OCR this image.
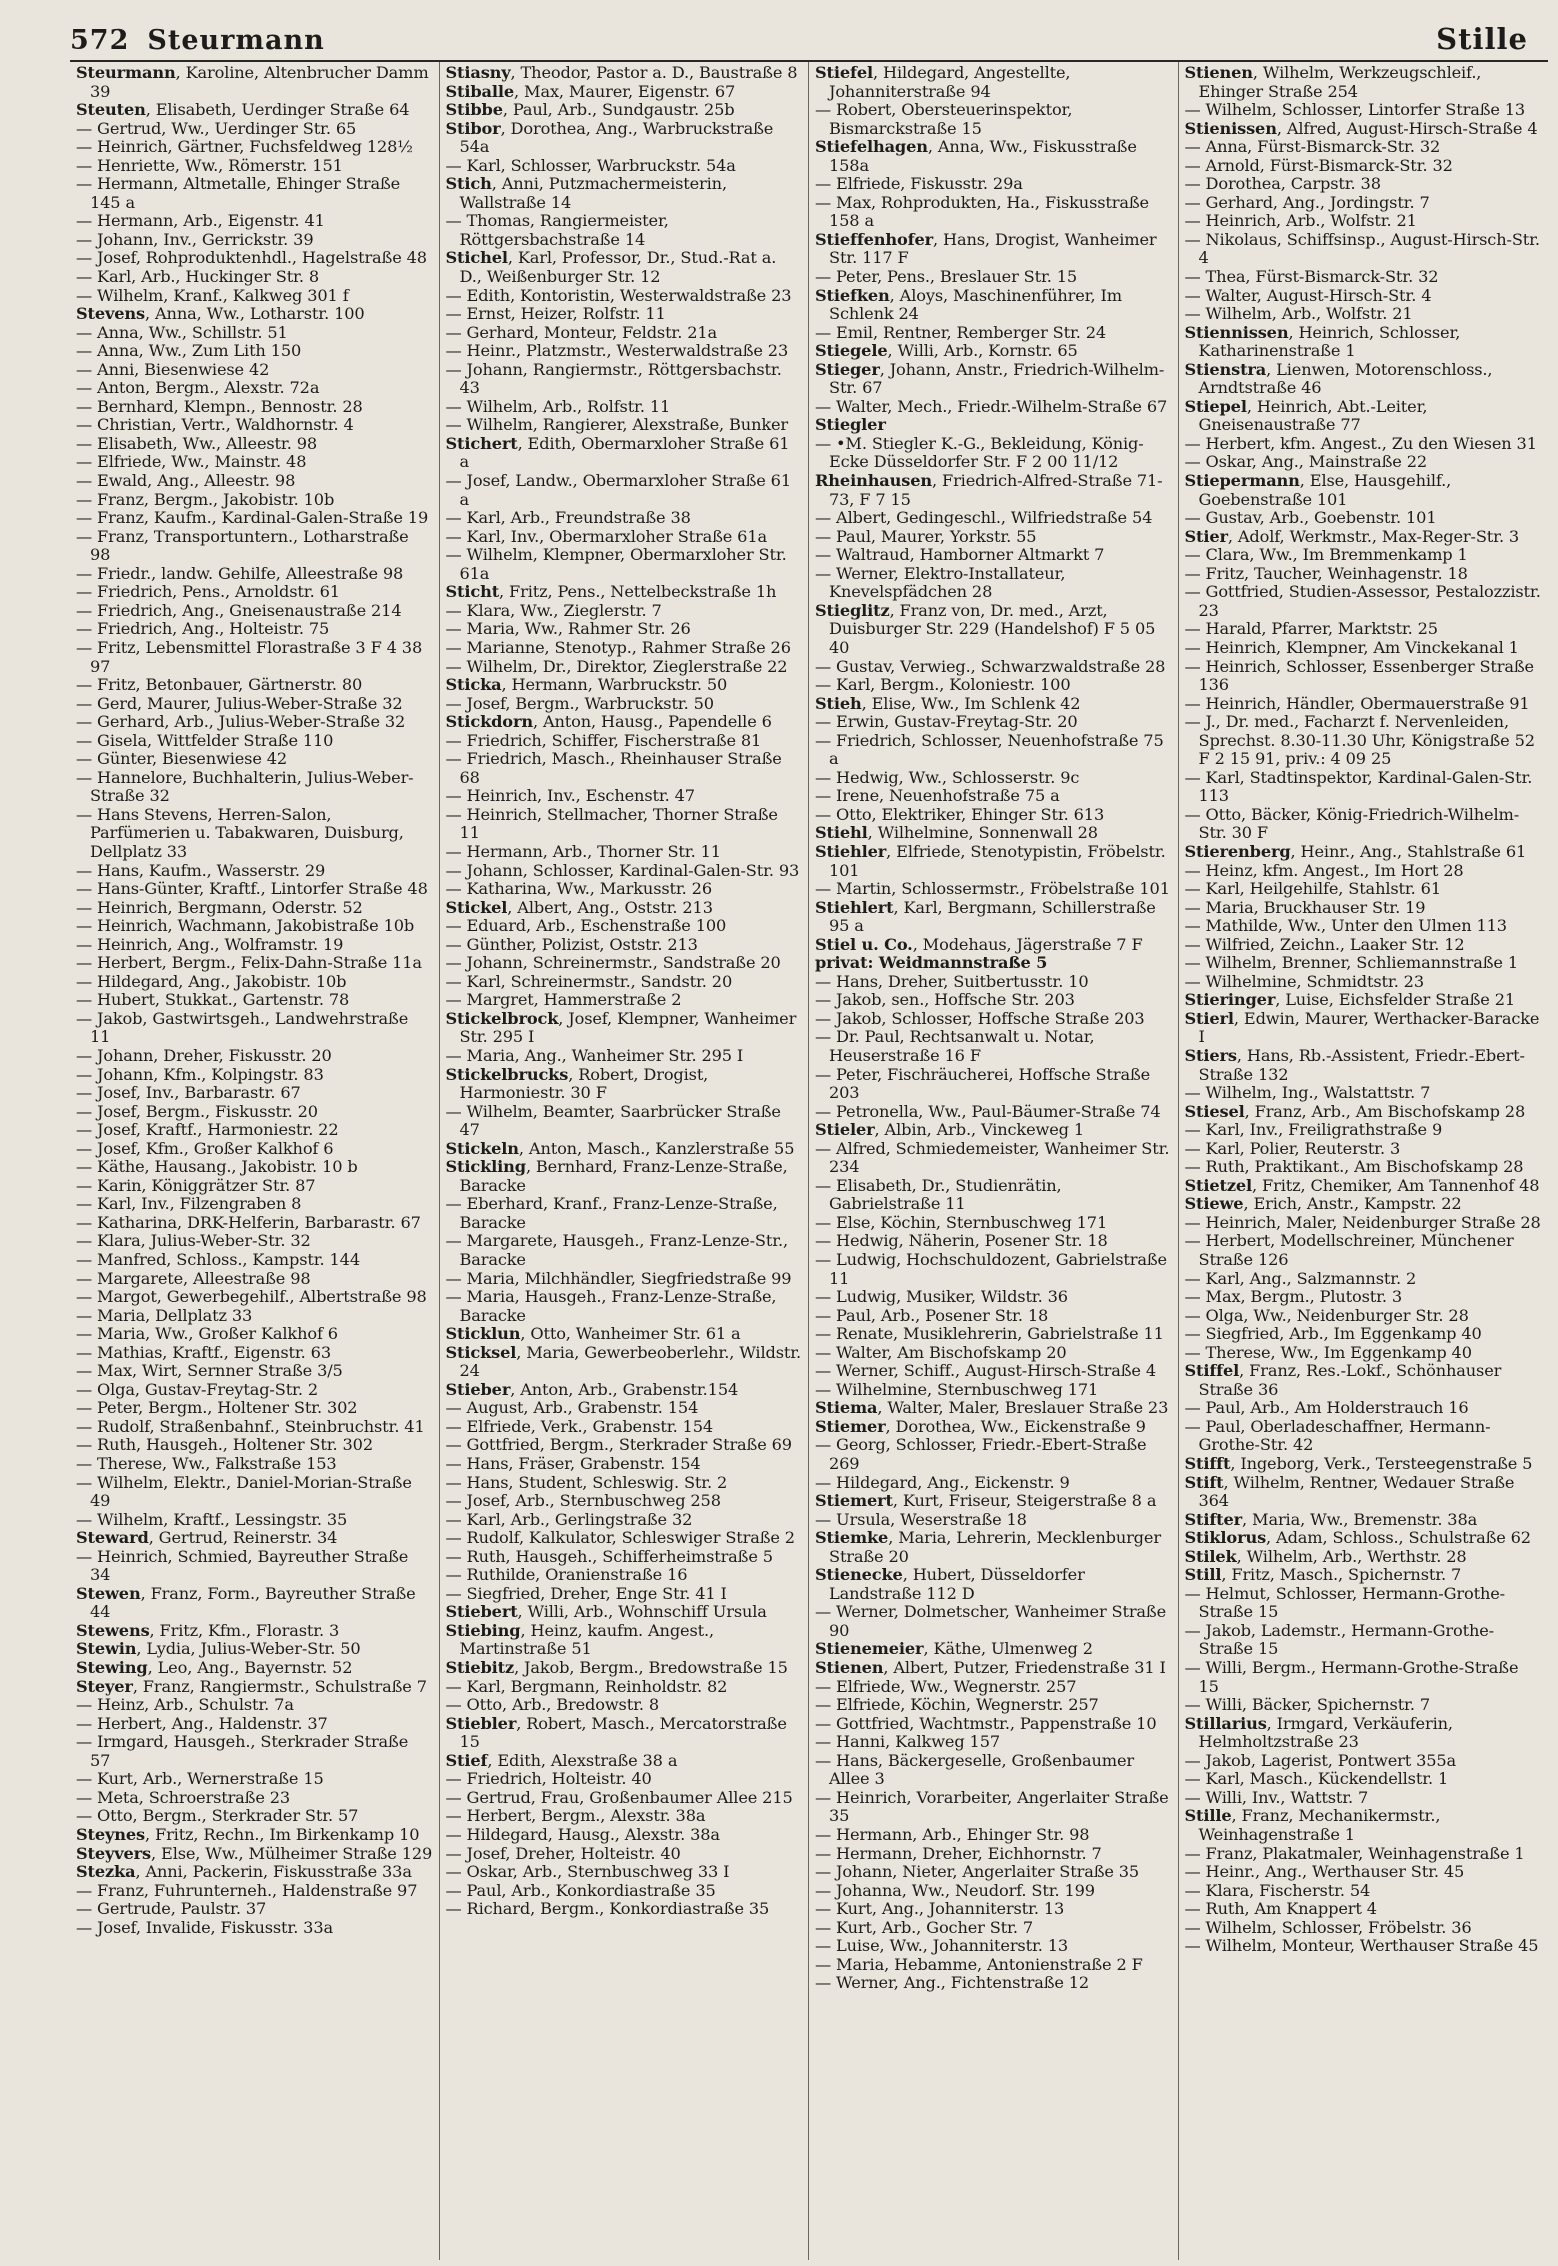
572 Steurmann	Stille

Steurmann, Karoline, Altenbrucher Damm 39

Steuten, Elisabeth, Uerdinger Straße 64

— Gertrud, Ww., Uerdinger Str. 65

— Heinrich, Gärtner, Fuchsfeldweg 128½

— Henriette, Ww., Römerstr. 151

— Hermann, Altmetalle, Ehinger Straße 145 a

— Hermann, Arb., Eigenstr. 41

— Johann, Inv., Gerrickstr. 39

— Josef, Rohproduktenhdl., Hagelstraße 48

— Karl, Arb., Huckinger Str. 8

— Wilhelm, Kranf., Kalkweg 301 f

Stevens, Anna, Ww., Lotharstr. 100

— Anna, Ww., Schillstr. 51

— Anna, Ww., Zum Lith 150

— Anni, Biesenwiese 42

— Anton, Bergm., Alexstr. 72a

— Bernhard, Klempn., Bennostr. 28

— Christian, Vertr., Waldhornstr. 4

— Elisabeth, Ww., Alleestr. 98

— Elfriede, Ww., Mainstr. 48

— Ewald, Ang., Alleestr. 98

— Franz, Bergm., Jakobistr. 10b

— Franz, Kaufm., Kardinal-Galen-Straße 19

— Franz, Transportuntern., Lotharstraße 98

— Friedr., landw. Gehilfe, Alleestraße 98

— Friedrich, Pens., Arnoldstr. 61

— Friedrich, Ang., Gneisenaustraße 214

— Friedrich, Ang., Holteistr. 75

— Fritz, Lebensmittel Florastraße 3 F 4 38 97

— Fritz, Betonbauer, Gärtnerstr. 80

— Gerd, Maurer, Julius-Weber-Straße 32

— Gerhard, Arb., Julius-Weber-Straße 32

— Gisela, Wittfelder Straße 110

— Günter, Biesenwiese 42

— Hannelore, Buchhalterin, Julius-Weber-Straße 32

— Hans Stevens, Herren-Salon, Parfümerien u. Tabakwaren, Duisburg, Dellplatz 33

— Hans, Kaufm., Wasserstr. 29

— Hans-Günter, Kraftf., Lintorfer Straße 48

— Heinrich, Bergmann, Oderstr. 52

— Heinrich, Wachmann, Jakobistraße 10b

— Heinrich, Ang., Wolframstr. 19

— Herbert, Bergm., Felix-Dahn-Straße 11a

— Hildegard, Ang., Jakobistr. 10b

— Hubert, Stukkat., Gartenstr. 78

— Jakob, Gastwirtsgeh., Landwehrstraße 11

— Johann, Dreher, Fiskusstr. 20

— Johann, Kfm., Kolpingstr. 83

— Josef, Inv., Barbarastr. 67

— Josef, Bergm., Fiskusstr. 20

— Josef, Kraftf., Harmoniestr. 22

— Josef, Kfm., Großer Kalkhof 6

— Käthe, Hausang., Jakobistr. 10 b

— Karin, Königgrätzer Str. 87

— Karl, Inv., Filzengraben 8

— Katharina, DRK-Helferin, Barbarastr. 67

— Klara, Julius-Weber-Str. 32

— Manfred, Schloss., Kampstr. 144

— Margarete, Alleestraße 98

— Margot, Gewerbegehilf., Albertstraße 98

— Maria, Dellplatz 33

— Maria, Ww., Großer Kalkhof 6

— Mathias, Kraftf., Eigenstr. 63

— Max, Wirt, Sernner Straße 3/5

— Olga, Gustav-Freytag-Str. 2

— Peter, Bergm., Holtener Str. 302

— Rudolf, Straßenbahnf., Steinbruchstr. 41

— Ruth, Hausgeh., Holtener Str. 302

— Therese, Ww., Falkstraße 153

— Wilhelm, Elektr., Daniel-Morian-Straße 49

— Wilhelm, Kraftf., Lessingstr. 35

Steward, Gertrud, Reinerstr. 34

— Heinrich, Schmied, Bayreuther Straße 34

Stewen, Franz, Form., Bayreuther Straße 44

Stewens, Fritz, Kfm., Florastr. 3

Stewin, Lydia, Julius-Weber-Str. 50

Stewing, Leo, Ang., Bayernstr. 52

Steyer, Franz, Rangiermstr., Schulstraße 7

— Heinz, Arb., Schulstr. 7a

— Herbert, Ang., Haldenstr. 37

— Irmgard, Hausgeh., Sterkrader Straße 57

— Kurt, Arb., Wernerstraße 15

— Meta, Schroerstraße 23

— Otto, Bergm., Sterkrader Str. 57

Steynes, Fritz, Rechn., Im Birkenkamp 10

Steyvers, Else, Ww., Mülheimer Straße 129

Stezka, Anni, Packerin, Fiskusstraße 33a

— Franz, Fuhrunterneh., Haldenstraße 97

— Gertrude, Paulstr. 37

— Josef, Invalide, Fiskusstr. 33a

Stiasny, Theodor, Pastor a. D., Baustraße 8

Stiballe, Max, Maurer, Eigenstr. 67

Stibbe, Paul, Arb., Sundgaustr. 25b

Stibor, Dorothea, Ang., Warbruckstraße 54a

— Karl, Schlosser, Warbruckstr. 54a

Stich, Anni, Putzmachermeisterin, Wallstraße 14

— Thomas, Rangiermeister, Röttgersbachstraße 14

Stichel, Karl, Professor, Dr., Stud.-Rat a. D., Weißenburger Str. 12

— Edith, Kontoristin, Westerwaldstraße 23

— Ernst, Heizer, Rolfstr. 11

— Gerhard, Monteur, Feldstr. 21a

— Heinr., Platzmstr., Westerwaldstraße 23

— Johann, Rangiermstr., Röttgersbachstr. 43

— Wilhelm, Arb., Rolfstr. 11

— Wilhelm, Rangierer, Alexstraße, Bunker

Stichert, Edith, Obermarxloher Straße 61 a

— Josef, Landw., Obermarxloher Straße 61 a

— Karl, Arb., Freundstraße 38

— Karl, Inv., Obermarxloher Straße 61a

— Wilhelm, Klempner, Obermarxloher Str. 61a

Sticht, Fritz, Pens., Nettelbeckstraße 1h

— Klara, Ww., Zieglerstr. 7

— Maria, Ww., Rahmer Str. 26

— Marianne, Stenotyp., Rahmer Straße 26

— Wilhelm, Dr., Direktor, Zieglerstraße 22

Sticka, Hermann, Warbruckstr. 50

— Josef, Bergm., Warbruckstr. 50

Stickdorn, Anton, Hausg., Papendelle 6

— Friedrich, Schiffer, Fischerstraße 81

— Friedrich, Masch., Rheinhauser Straße 68

— Heinrich, Inv., Eschenstr. 47

— Heinrich, Stellmacher, Thorner Straße 11

— Hermann, Arb., Thorner Str. 11

— Johann, Schlosser, Kardinal-Galen-Str. 93

— Katharina, Ww., Markusstr. 26

Stickel, Albert, Ang., Oststr. 213

— Eduard, Arb., Eschenstraße 100

— Günther, Polizist, Oststr. 213

— Johann, Schreinermstr., Sandstraße 20

— Karl, Schreinermstr., Sandstr. 20

— Margret, Hammerstraße 2

Stickelbrock, Josef, Klempner, Wanheimer Str. 295 I

— Maria, Ang., Wanheimer Str. 295 I

Stickelbrucks, Robert, Drogist, Harmoniestr. 30 F

— Wilhelm, Beamter, Saarbrücker Straße 47

Stickeln, Anton, Masch., Kanzlerstraße 55

Stickling, Bernhard, Franz-Lenze-Straße, Baracke

— Eberhard, Kranf., Franz-Lenze-Straße, Baracke

— Margarete, Hausgeh., Franz-Lenze-Str., Baracke

— Maria, Milchhändler, Siegfriedstraße 99

— Maria, Hausgeh., Franz-Lenze-Straße, Baracke

Sticklun, Otto, Wanheimer Str. 61 a

Sticksel, Maria, Gewerbeoberlehr., Wildstr. 24

Stieber, Anton, Arb., Grabenstr.154

— August, Arb., Grabenstr. 154

— Elfriede, Verk., Grabenstr. 154

— Gottfried, Bergm., Sterkrader Straße 69

— Hans, Fräser, Grabenstr. 154

— Hans, Student, Schleswig. Str. 2

— Josef, Arb., Sternbuschweg 258

— Karl, Arb., Gerlingstraße 32

— Rudolf, Kalkulator, Schleswiger Straße 2

— Ruth, Hausgeh., Schifferheimstraße 5

— Ruthilde, Oranienstraße 16

— Siegfried, Dreher, Enge Str. 41 I

Stiebert, Willi, Arb., Wohnschiff Ursula

Stiebing, Heinz, kaufm. Angest., Martinstraße 51

Stiebitz, Jakob, Bergm., Bredowstraße 15

— Karl, Bergmann, Reinholdstr. 82

— Otto, Arb., Bredowstr. 8

Stiebler, Robert, Masch., Mercatorstraße 15

Stief, Edith, Alexstraße 38 a

— Friedrich, Holteistr. 40

— Gertrud, Frau, Großenbaumer Allee 215

— Herbert, Bergm., Alexstr. 38a

— Hildegard, Hausg., Alexstr. 38a

— Josef, Dreher, Holteistr. 40

— Oskar, Arb., Sternbuschweg 33 I

— Paul, Arb., Konkordiastraße 35

— Richard, Bergm., Konkordiastraße 35

Stiefel, Hildegard, Angestellte, Johanniterstraße 94

— Robert, Obersteuerinspektor, Bismarckstraße 15

Stiefelhagen, Anna, Ww., Fiskusstraße 158a

— Elfriede, Fiskusstr. 29a

— Max, Rohprodukten, Ha., Fiskusstraße 158 a

Stieffenhofer, Hans, Drogist, Wanheimer Str. 117 F

— Peter, Pens., Breslauer Str. 15

Stiefken, Aloys, Maschinenführer, Im Schlenk 24

— Emil, Rentner, Remberger Str. 24

Stiegele, Willi, Arb., Kornstr. 65

Stieger, Johann, Anstr., Friedrich-Wilhelm-Str. 67

— Walter, Mech., Friedr.-Wilhelm-Straße 67

Stiegler

— •M. Stiegler K.-G., Bekleidung, König- Ecke Düsseldorfer Str. F 2 00 11/12

Rheinhausen, Friedrich-Alfred-Straße 71-73, F 7 15

— Albert, Gedingeschl., Wilfriedstraße 54

— Paul, Maurer, Yorkstr. 55

— Waltraud, Hamborner Altmarkt 7

— Werner, Elektro-Installateur, Knevelspfädchen 28

Stieglitz, Franz von, Dr. med., Arzt, Duisburger Str. 229 (Handelshof) F 5 05 40

— Gustav, Verwieg., Schwarzwaldstraße 28

— Karl, Bergm., Koloniestr. 100

Stieh, Elise, Ww., Im Schlenk 42

— Erwin, Gustav-Freytag-Str. 20

— Friedrich, Schlosser, Neuenhofstraße 75 a

— Hedwig, Ww., Schlosserstr. 9c

— Irene, Neuenhofstraße 75 a

— Otto, Elektriker, Ehinger Str. 613

Stiehl, Wilhelmine, Sonnenwall 28

Stiehler, Elfriede, Stenotypistin, Fröbelstr. 101

— Martin, Schlossermstr., Fröbelstraße 101

Stiehlert, Karl, Bergmann, Schillerstraße 95 a

Stiel u. Co., Modehaus, Jägerstraße 7 F

privat: Weidmannstraße 5

— Hans, Dreher, Suitbertusstr. 10

— Jakob, sen., Hoffsche Str. 203

— Jakob, Schlosser, Hoffsche Straße 203

— Dr. Paul, Rechtsanwalt u. Notar, Heuserstraße 16 F

— Peter, Fischräucherei, Hoffsche Straße 203

— Petronella, Ww., Paul-Bäumer-Straße 74

Stieler, Albin, Arb., Vinckeweg 1

— Alfred, Schmiedemeister, Wanheimer Str. 234

— Elisabeth, Dr., Studienrätin, Gabrielstraße 11

— Else, Köchin, Sternbuschweg 171

— Hedwig, Näherin, Posener Str. 18

— Ludwig, Hochschuldozent, Gabrielstraße 11

— Ludwig, Musiker, Wildstr. 36

— Paul, Arb., Posener Str. 18

— Renate, Musiklehrerin, Gabrielstraße 11

— Walter, Am Bischofskamp 20

— Werner, Schiff., August-Hirsch-Straße 4

— Wilhelmine, Sternbuschweg 171

Stiema, Walter, Maler, Breslauer Straße 23

Stiemer, Dorothea, Ww., Eickenstraße 9

— Georg, Schlosser, Friedr.-Ebert-Straße 269

— Hildegard, Ang., Eickenstr. 9

Stiemert, Kurt, Friseur, Steigerstraße 8 a

— Ursula, Weserstraße 18

Stiemke, Maria, Lehrerin, Mecklenburger Straße 20

Stienecke, Hubert, Düsseldorfer Landstraße 112 D

— Werner, Dolmetscher, Wanheimer Straße 90

Stienemeier, Käthe, Ulmenweg 2

Stienen, Albert, Putzer, Friedenstraße 31 I

— Elfriede, Ww., Wegnerstr. 257

— Elfriede, Köchin, Wegnerstr. 257

— Gottfried, Wachtmstr., Pappenstraße 10

— Hanni, Kalkweg 157

— Hans, Bäckergeselle, Großenbaumer Allee 3

— Heinrich, Vorarbeiter, Angerlaiter Straße 35

— Hermann, Arb., Ehinger Str. 98

— Hermann, Dreher, Eichhornstr. 7

— Johann, Nieter, Angerlaiter Straße 35

— Johanna, Ww., Neudorf. Str. 199

— Kurt, Ang., Johanniterstr. 13

— Kurt, Arb., Gocher Str. 7

— Luise, Ww., Johanniterstr. 13

— Maria, Hebamme, Antonienstraße 2 F

— Werner, Ang., Fichtenstraße 12

Stienen, Wilhelm, Werkzeugschleif., Ehinger Straße 254

— Wilhelm, Schlosser, Lintorfer Straße 13

Stienissen, Alfred, August-Hirsch-Straße 4

— Anna, Fürst-Bismarck-Str. 32

— Arnold, Fürst-Bismarck-Str. 32

— Dorothea, Carpstr. 38

— Gerhard, Ang., Jordingstr. 7

— Heinrich, Arb., Wolfstr. 21

— Nikolaus, Schiffsinsp., August-Hirsch-Str. 4

— Thea, Fürst-Bismarck-Str. 32

— Walter, August-Hirsch-Str. 4

— Wilhelm, Arb., Wolfstr. 21

Stiennissen, Heinrich, Schlosser, Katharinenstraße 1

Stienstra, Lienwen, Motorenschloss., Arndtstraße 46

Stiepel, Heinrich, Abt.-Leiter, Gneisenaustraße 77

— Herbert, kfm. Angest., Zu den Wiesen 31

— Oskar, Ang., Mainstraße 22

Stiepermann, Else, Hausgehilf., Goebenstraße 101

— Gustav, Arb., Goebenstr. 101

Stier, Adolf, Werkmstr., Max-Reger-Str. 3

— Clara, Ww., Im Bremmenkamp 1

— Fritz, Taucher, Weinhagenstr. 18

— Gottfried, Studien-Assessor, Pestalozzistr. 23

— Harald, Pfarrer, Marktstr. 25

— Heinrich, Klempner, Am Vinckekanal 1

— Heinrich, Schlosser, Essenberger Straße 136

— Heinrich, Händler, Obermauerstraße 91

— J., Dr. med., Facharzt f. Nervenleiden, Sprechst. 8.30-11.30 Uhr, Königstraße 52 F 2 15 91, priv.: 4 09 25

— Karl, Stadtinspektor, Kardinal-Galen-Str. 113

— Otto, Bäcker, König-Friedrich-Wilhelm-Str. 30 F

Stierenberg, Heinr., Ang., Stahlstraße 61

— Heinz, kfm. Angest., Im Hort 28

— Karl, Heilgehilfe, Stahlstr. 61

— Maria, Bruckhauser Str. 19

— Mathilde, Ww., Unter den Ulmen 113

— Wilfried, Zeichn., Laaker Str. 12

— Wilhelm, Brenner, Schliemannstraße 1

— Wilhelmine, Schmidtstr. 23

Stieringer, Luise, Eichsfelder Straße 21

Stierl, Edwin, Maurer, Werthacker-Baracke I

Stiers, Hans, Rb.-Assistent, Friedr.-Ebert-Straße 132

— Wilhelm, Ing., Walstattstr. 7

Stiesel, Franz, Arb., Am Bischofskamp 28

— Karl, Inv., Freiligrathstraße 9

— Karl, Polier, Reuterstr. 3

— Ruth, Praktikant., Am Bischofskamp 28

Stietzel, Fritz, Chemiker, Am Tannenhof 48

Stiewe, Erich, Anstr., Kampstr. 22

— Heinrich, Maler, Neidenburger Straße 28

— Herbert, Modellschreiner, Münchener Straße 126

— Karl, Ang., Salzmannstr. 2

— Max, Bergm., Plutostr. 3

— Olga, Ww., Neidenburger Str. 28

— Siegfried, Arb., Im Eggenkamp 40

— Therese, Ww., Im Eggenkamp 40

Stiffel, Franz, Res.-Lokf., Schönhauser Straße 36

— Paul, Arb., Am Holderstrauch 16

— Paul, Oberladeschaffner, Hermann-Grothe-Str. 42

Stifft, Ingeborg, Verk., Tersteegenstraße 5

Stift, Wilhelm, Rentner, Wedauer Straße 364

Stifter, Maria, Ww., Bremenstr. 38a

Stiklorus, Adam, Schloss., Schulstraße 62

Stilek, Wilhelm, Arb., Werthstr. 28

Still, Fritz, Masch., Spichernstr. 7

— Helmut, Schlosser, Hermann-Grothe-Straße 15

— Jakob, Lademstr., Hermann-Grothe-Straße 15

— Willi, Bergm., Hermann-Grothe-Straße 15

— Willi, Bäcker, Spichernstr. 7

Stillarius, Irmgard, Verkäuferin, Helmholtzstraße 23

— Jakob, Lagerist, Pontwert 355a

— Karl, Masch., Kückendellstr. 1

— Willi, Inv., Wattstr. 7

Stille, Franz, Mechanikermstr., Weinhagenstraße 1

— Franz, Plakatmaler, Weinhagenstraße 1

— Heinr., Ang., Werthauser Str. 45

— Klara, Fischerstr. 54

— Ruth, Am Knappert 4

— Wilhelm, Schlosser, Fröbelstr. 36

— Wilhelm, Monteur, Werthauser Straße 45
